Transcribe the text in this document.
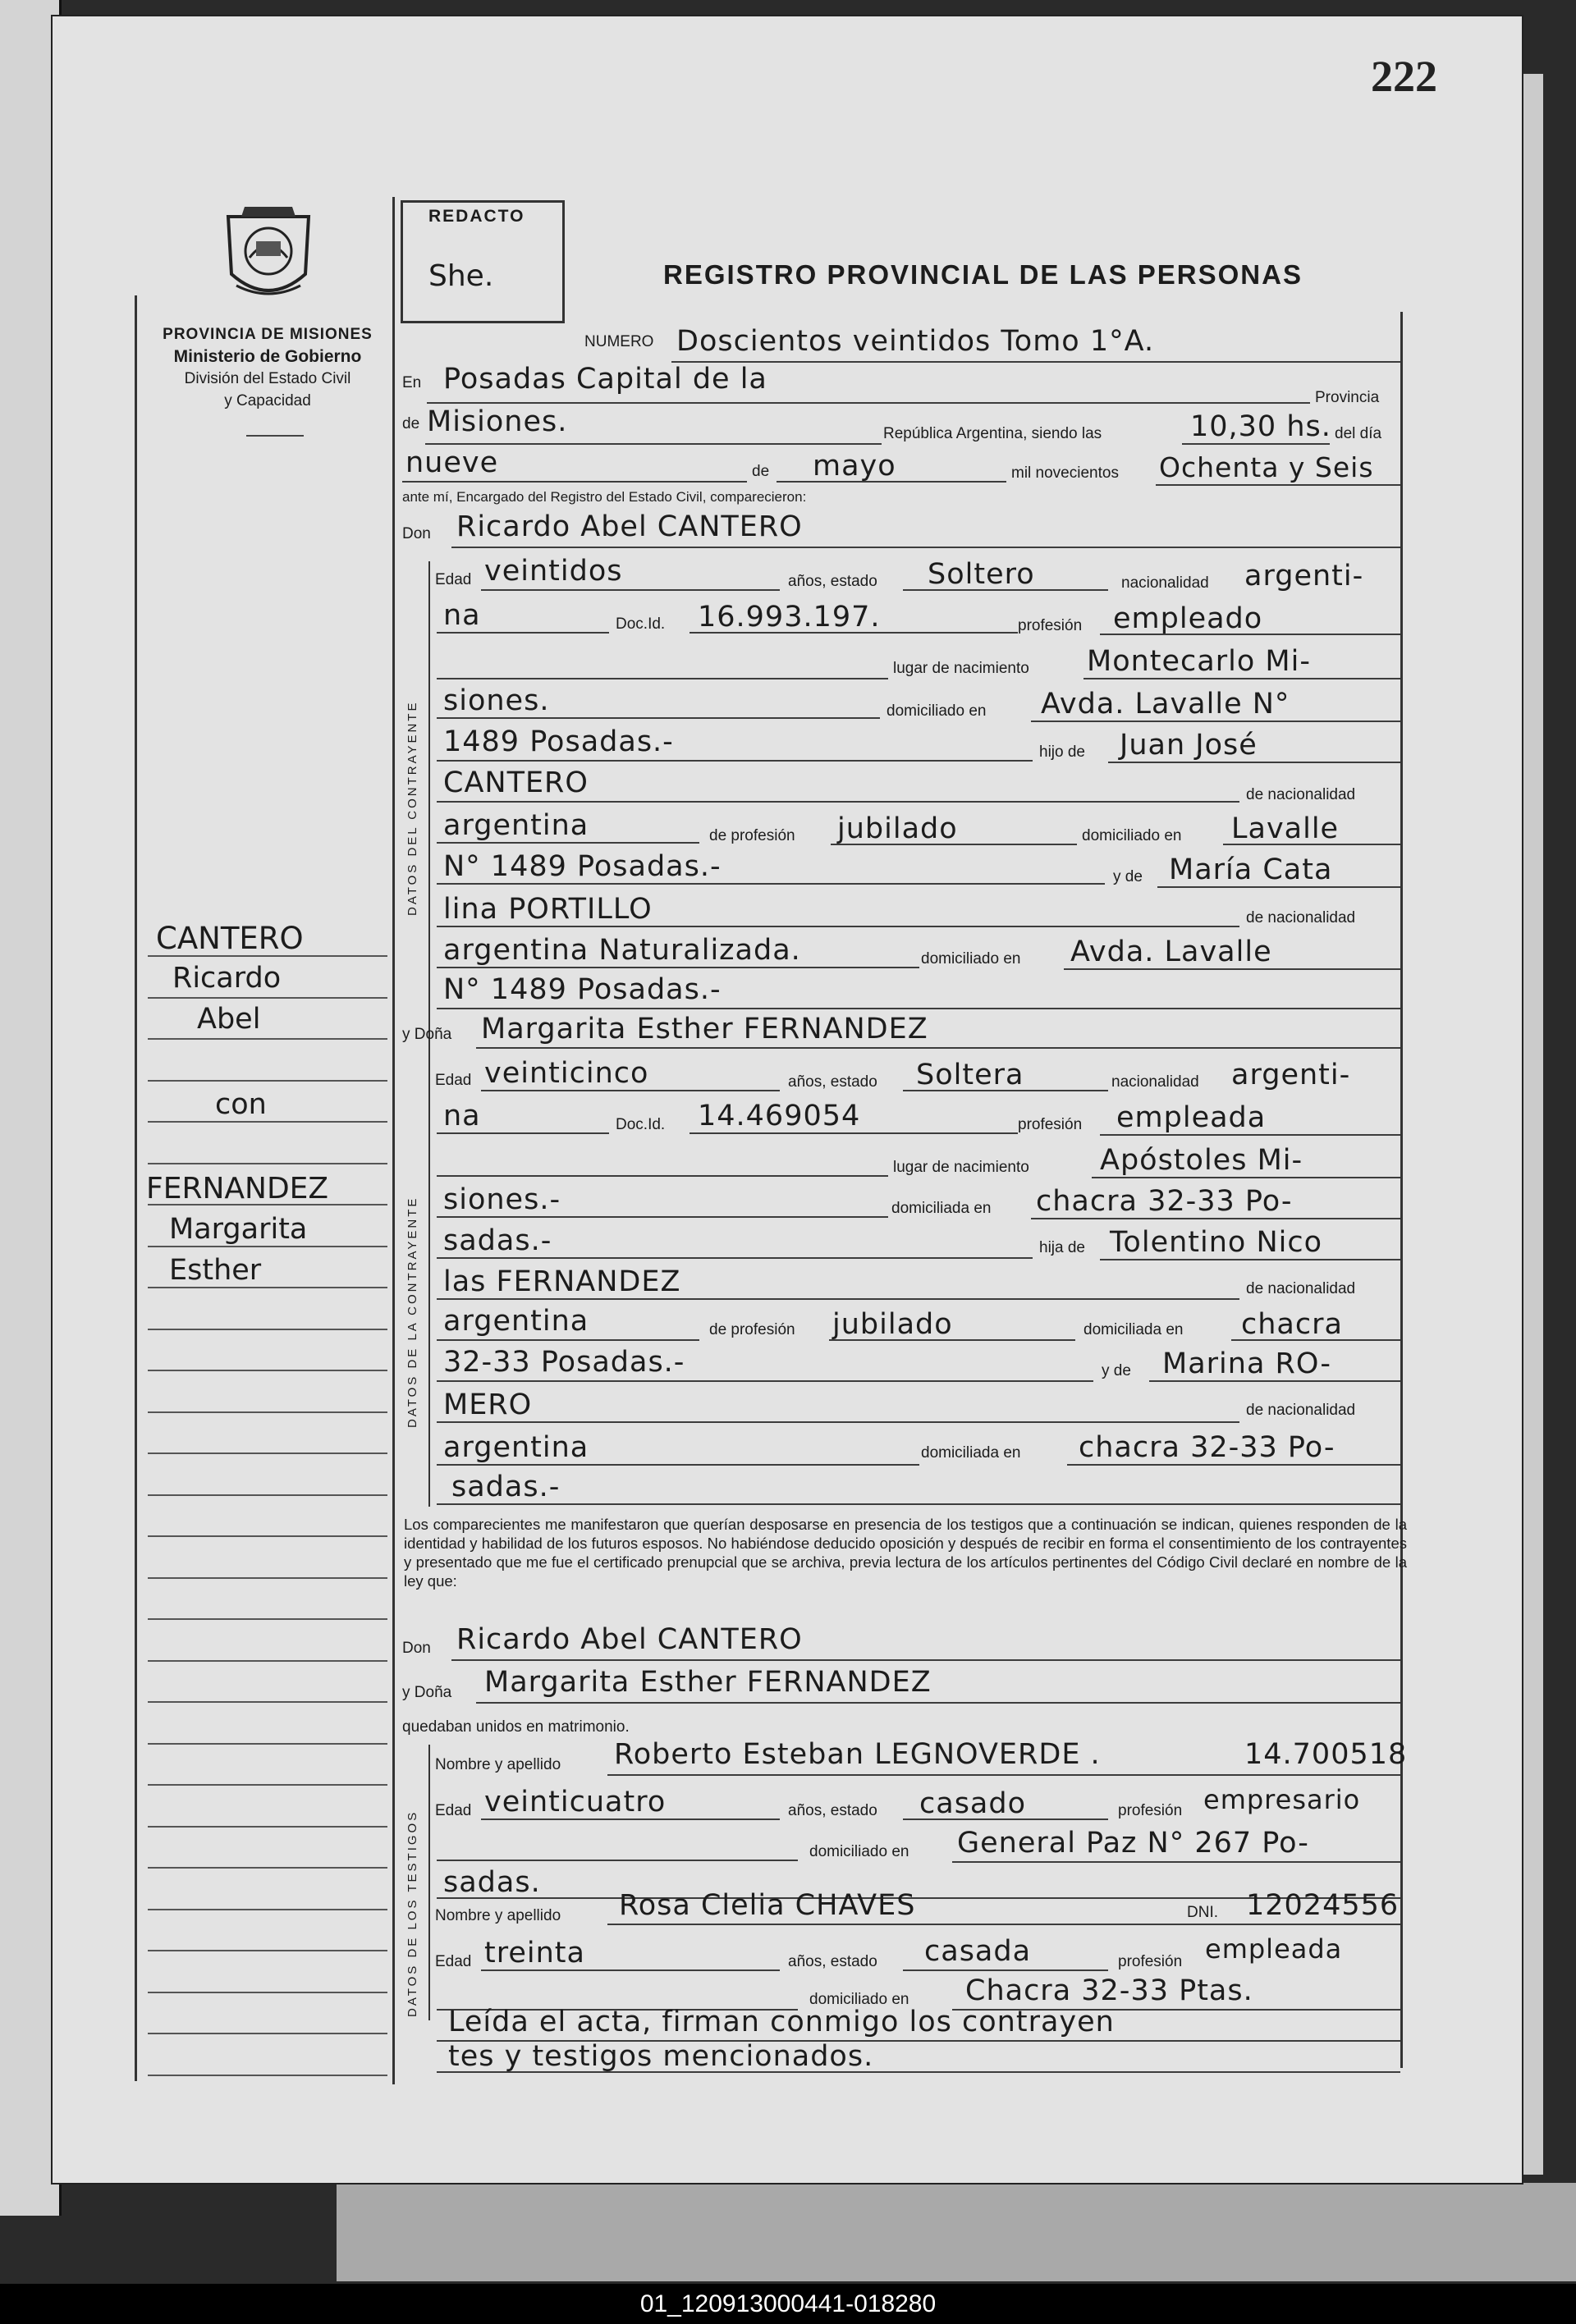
222
PROVINCIA DE MISIONES
Ministerio de Gobierno
División del Estado Civil
y Capacidad
REDACTO
She.	REGISTRO PROVINCIAL DE LAS PERSONAS
NUMERO Doscientos veintidos Tomo 1°A.
En Posadas Capital de la
Provincia
de Misiones.	República Argentina, siendo las	10,30 hs. del día
nueve	de mayo	mil novecientos Ochenta y Seis
ante mí, Encargado del Registro del Estado Civil, comparecieron:
Don Ricardo Abel CANTERO
DATOS DEL CONTRAYENTE
Edad veintidos	años, estado Soltero	nacionalidad argenti-
na	Doc.Id. 16.993.197.	profesión empleado
lugar de nacimiento Montecarlo Mi-
siones.	domiciliado en Avda. Lavalle N°
1489 Posadas.-	hijo de Juan José
CANTERO	de nacionalidad
argentina	de profesión jubilado	domiciliado en Lavalle
N° 1489 Posadas.-	y de María Cata
lina PORTILLO	de nacionalidad
argentina Naturalizada.	domiciliado en Avda. Lavalle
N° 1489 Posadas.-
y Doña Margarita Esther FERNANDEZ
DATOS DE LA CONTRAYENTE
Edad veinticinco	años, estado Soltera	nacionalidad argenti-
na	Doc.Id. 14.469054	profesión empleada
lugar de nacimiento Apóstoles Mi-
siones.-	domiciliada en chacra 32-33 Po-
sadas.-	hija de Tolentino Nico
las FERNANDEZ	de nacionalidad
argentina	de profesión jubilado	domiciliada en chacra
32-33 Posadas.-	y de Marina RO-
MERO	de nacionalidad
argentina	domiciliada en chacra 32-33 Po-
sadas.-
Los comparecientes me manifestaron que querían desposarse en presencia de los testigos que a continuación se indican, quienes responden de la identidad y habilidad de los futuros esposos. No habiéndose deducido oposición y después de recibir en forma el consentimiento de los contrayentes y presentado que me fue el certificado prenupcial que se archiva, previa lectura de los artículos pertinentes del Código Civil declaré en nombre de la ley que:
Don Ricardo Abel CANTERO
y Doña Margarita Esther FERNANDEZ
quedaban unidos en matrimonio.
DATOS DE LOS TESTIGOS
Nombre y apellido Roberto Esteban LEGNOVERDE .	14.700518
Edad veinticuatro	años, estado casado	profesión empresario
domiciliado en General Paz N° 267 Po-
sadas.
Nombre y apellido Rosa Clelia CHAVES	DNI. 12024556
Edad treinta	años, estado casada	profesión empleada
domiciliado en Chacra 32-33 Ptas.
Leída el acta, firman conmigo los contrayen
tes y testigos mencionados.
CANTERO
Ricardo
Abel
con
FERNANDEZ
Margarita
Esther
01_120913000441-018280
